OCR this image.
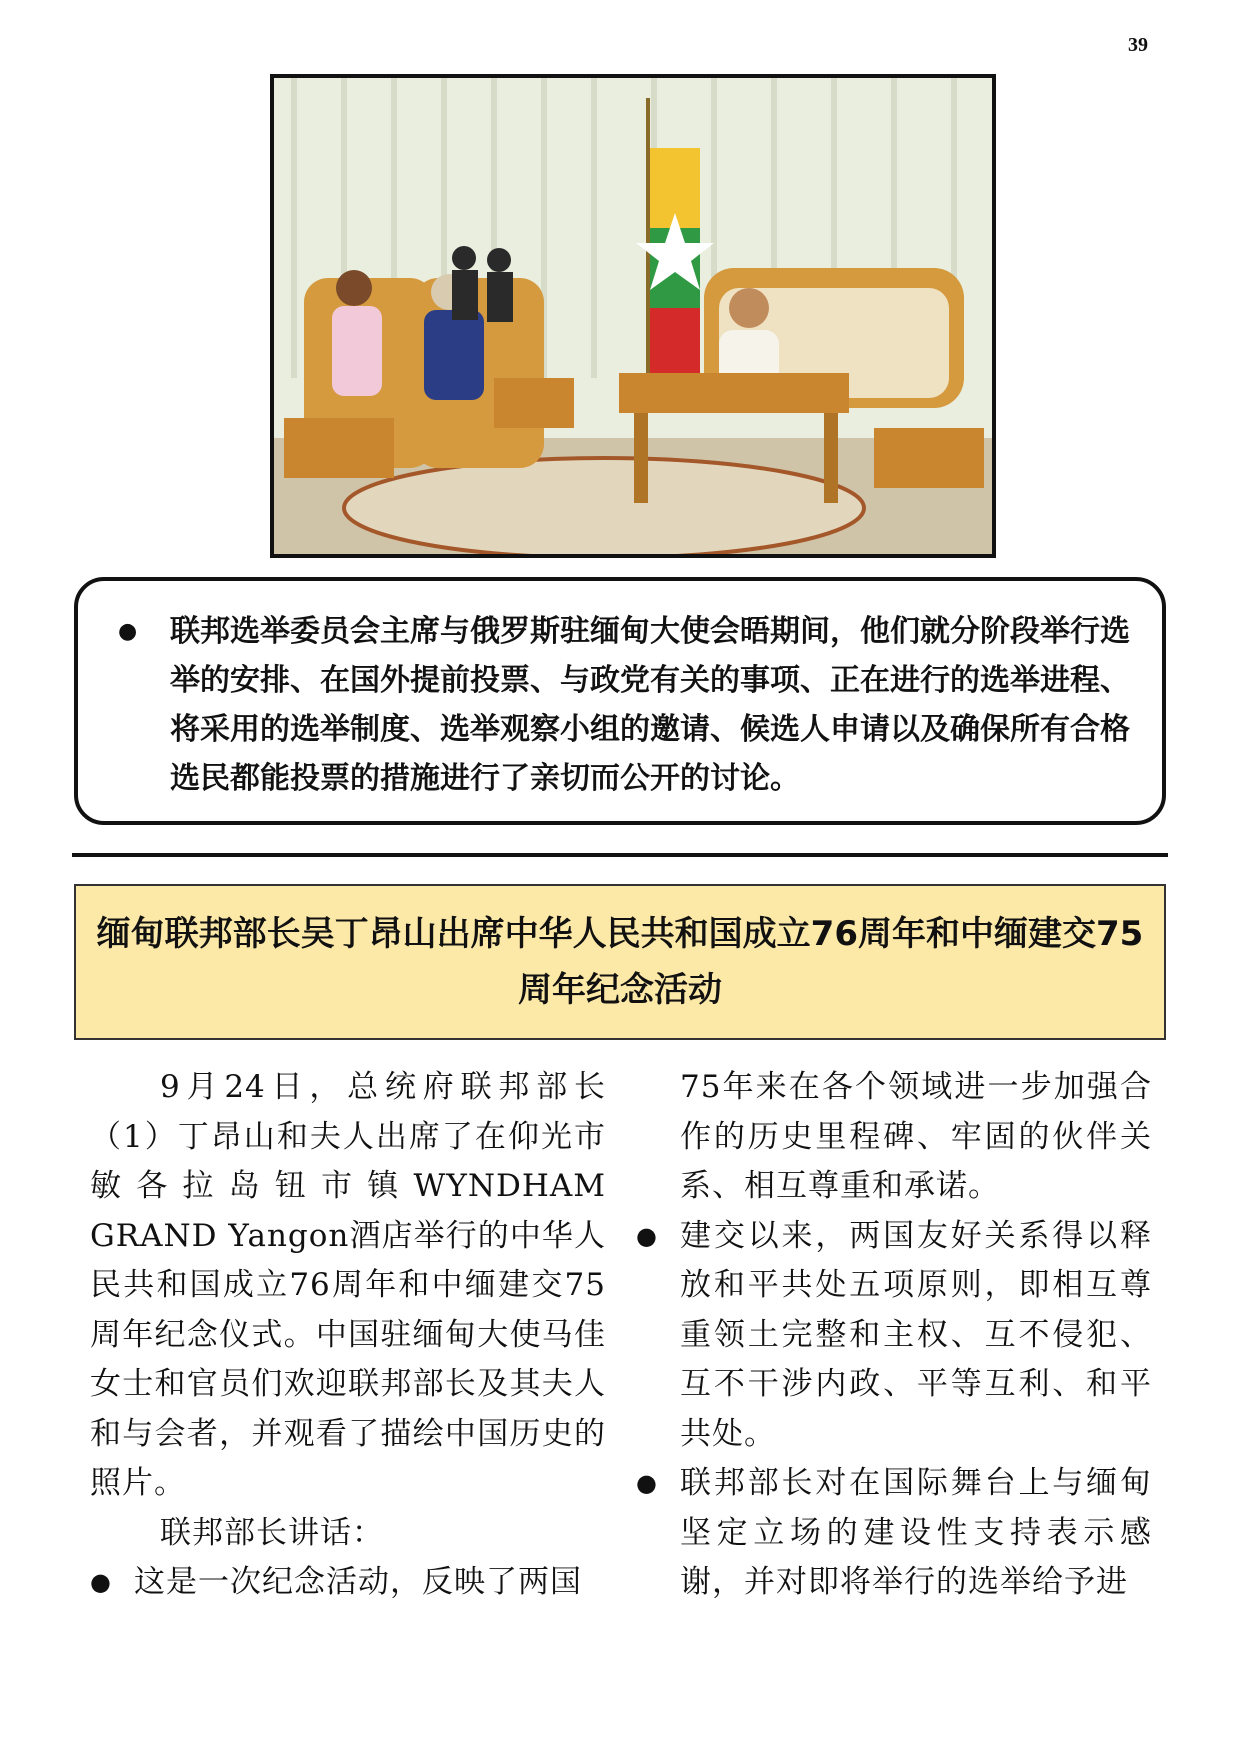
39
●	联邦选举委员会主席与俄罗斯驻缅甸大使会晤期间，他们就分阶段举行选举的安排、在国外提前投票、与政党有关的事项、正在进行的选举进程、将采用的选举制度、选举观察小组的邀请、候选人申请以及确保所有合格选民都能投票的措施进行了亲切而公开的讨论。
缅甸联邦部长吴丁昂山出席中华人民共和国成立76周年和中缅建交75周年纪念活动

9月24日，总统府联邦部长（1）丁昂山和夫人出席了在仰光市敏各拉岛钮市镇WYNDHAM GRAND Yangon酒店举行的中华人民共和国成立76周年和中缅建交75周年纪念仪式。中国驻缅甸大使马佳女士和官员们欢迎联邦部长及其夫人和与会者，并观看了描绘中国历史的照片。

联邦部长讲话：

● 这是一次纪念活动，反映了两国
75年来在各个领域进一步加强合作的历史里程碑、牢固的伙伴关系、相互尊重和承诺。
● 建交以来，两国友好关系得以释放和平共处五项原则，即相互尊重领土完整和主权、互不侵犯、互不干涉内政、平等互利、和平共处。
● 联邦部长对在国际舞台上与缅甸坚定立场的建设性支持表示感谢，并对即将举行的选举给予进
